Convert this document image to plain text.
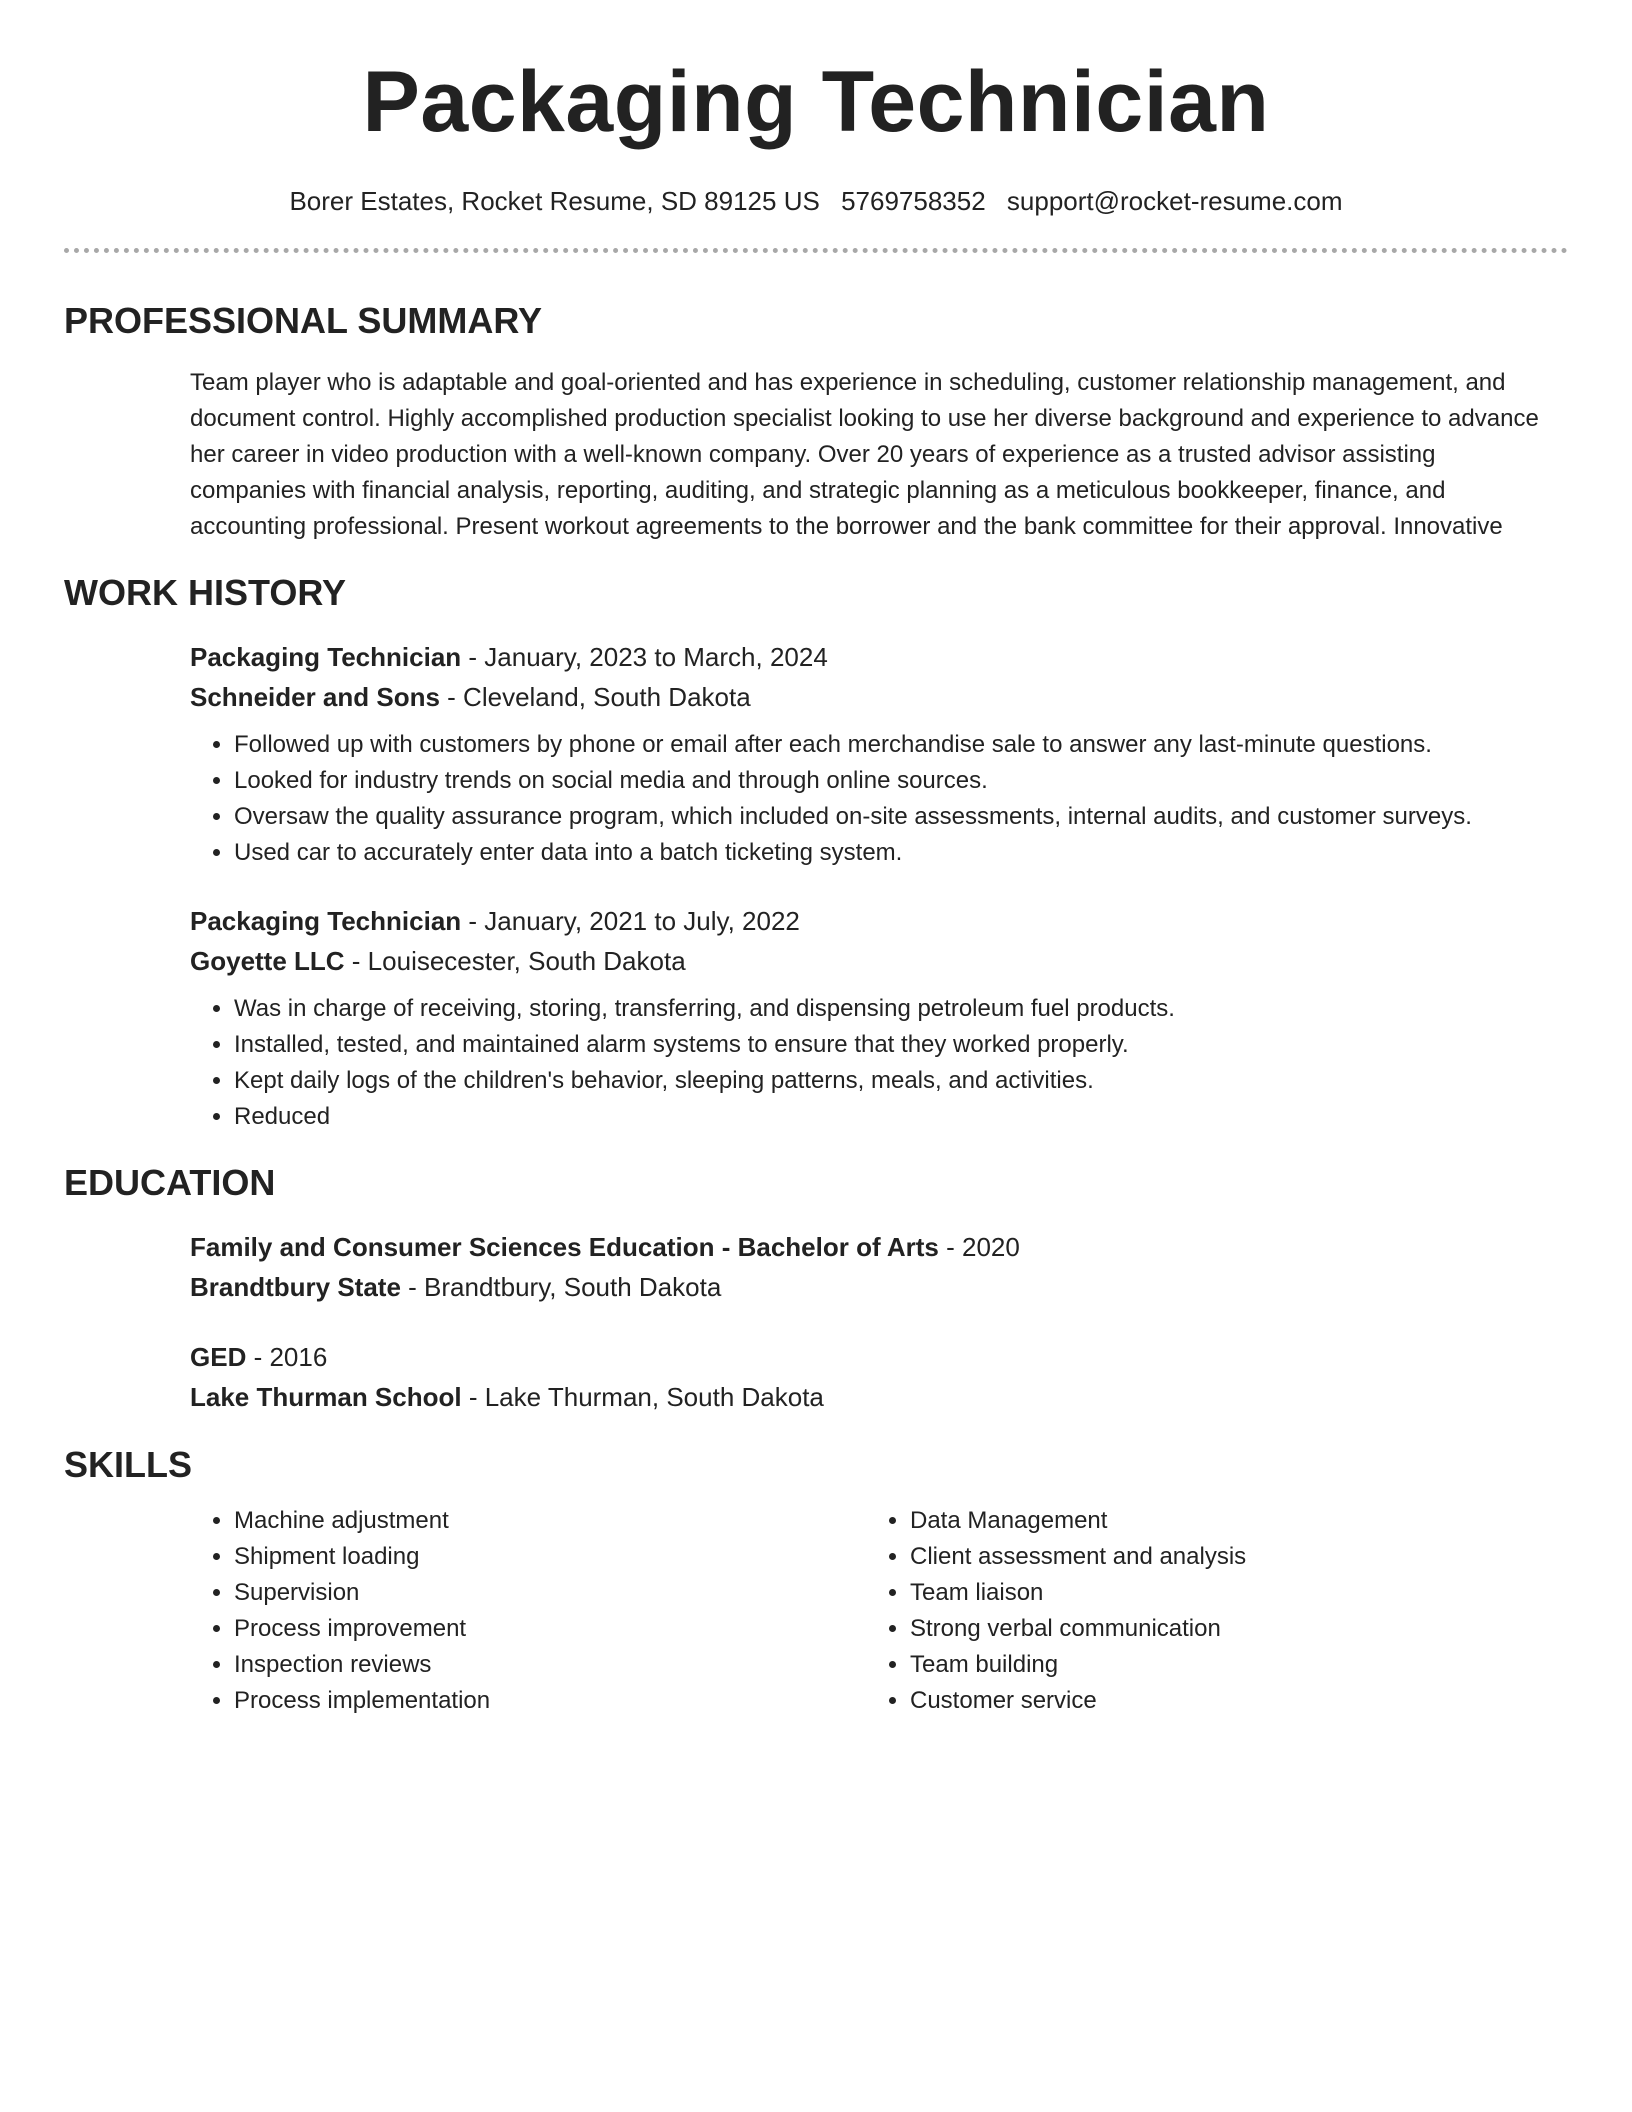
Packaging Technician
Borer Estates, Rocket Resume, SD 89125 US 5769758352 support@rocket-resume.com
PROFESSIONAL SUMMARY
Team player who is adaptable and goal-oriented and has experience in scheduling, customer relationship management, and document control. Highly accomplished production specialist looking to use her diverse background and experience to advance her career in video production with a well-known company. Over 20 years of experience as a trusted advisor assisting companies with financial analysis, reporting, auditing, and strategic planning as a meticulous bookkeeper, finance, and accounting professional. Present workout agreements to the borrower and the bank committee for their approval. Innovative
WORK HISTORY
Packaging Technician - January, 2023 to March, 2024
Schneider and Sons - Cleveland, South Dakota
• Followed up with customers by phone or email after each merchandise sale to answer any last-minute questions.
• Looked for industry trends on social media and through online sources.
• Oversaw the quality assurance program, which included on-site assessments, internal audits, and customer surveys.
• Used car to accurately enter data into a batch ticketing system.
Packaging Technician - January, 2021 to July, 2022
Goyette LLC - Louisecester, South Dakota
• Was in charge of receiving, storing, transferring, and dispensing petroleum fuel products.
• Installed, tested, and maintained alarm systems to ensure that they worked properly.
• Kept daily logs of the children's behavior, sleeping patterns, meals, and activities.
• Reduced
EDUCATION
Family and Consumer Sciences Education - Bachelor of Arts - 2020
Brandtbury State - Brandtbury, South Dakota
GED - 2016
Lake Thurman School - Lake Thurman, South Dakota
SKILLS
• Machine adjustment
• Shipment loading
• Supervision
• Process improvement
• Inspection reviews
• Process implementation
• Data Management
• Client assessment and analysis
• Team liaison
• Strong verbal communication
• Team building
• Customer service
